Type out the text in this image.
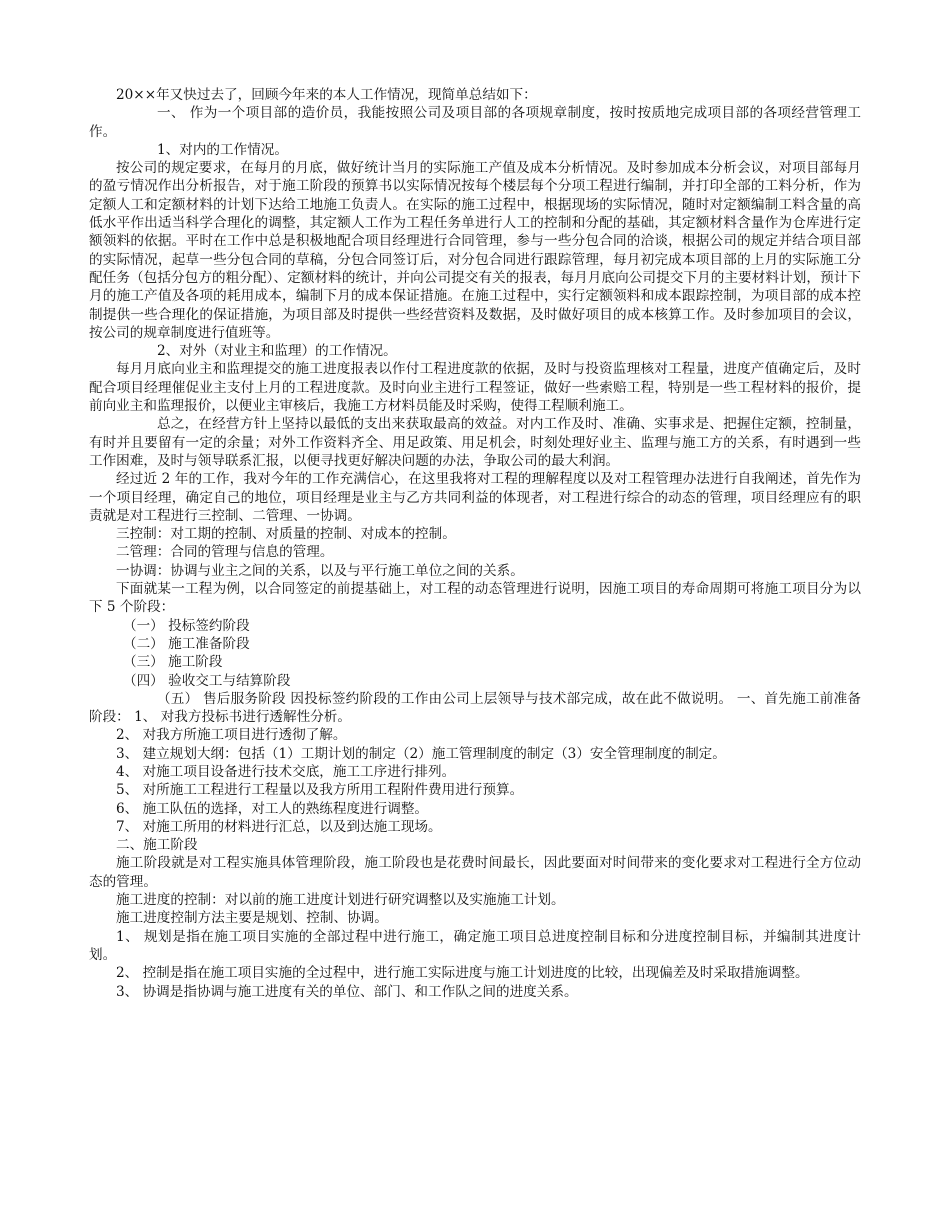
20××年又快过去了，回顾今年来的本人工作情况，现简单总结如下：

一、 作为一个项目部的造价员，我能按照公司及项目部的各项规章制度，按时按质地完成项目部的各项经营管理工作。

1、对内的工作情况。

按公司的规定要求，在每月的月底，做好统计当月的实际施工产值及成本分析情况。及时参加成本分析会议，对项目部每月的盈亏情况作出分析报告，对于施工阶段的预算书以实际情况按每个楼层每个分项工程进行编制，并打印全部的工料分析，作为定额人工和定额材料的计划下达给工地施工负责人。在实际的施工过程中，根据现场的实际情况，随时对定额编制工料含量的高低水平作出适当科学合理化的调整，其定额人工作为工程任务单进行人工的控制和分配的基础，其定额材料含量作为仓库进行定额领料的依据。平时在工作中总是积极地配合项目经理进行合同管理，参与一些分包合同的洽谈，根据公司的规定并结合项目部的实际情况，起草一些分包合同的草稿，分包合同签订后，对分包合同进行跟踪管理，每月初完成本项目部的上月的实际施工分配任务（包括分包方的粗分配）、定额材料的统计，并向公司提交有关的报表，每月月底向公司提交下月的主要材料计划，预计下月的施工产值及各项的耗用成本，编制下月的成本保证措施。在施工过程中，实行定额领料和成本跟踪控制，为项目部的成本控制提供一些合理化的保证措施，为项目部及时提供一些经营资料及数据，及时做好项目的成本核算工作。及时参加项目的会议，按公司的规章制度进行值班等。

2、对外（对业主和监理）的工作情况。

每月月底向业主和监理提交的施工进度报表以作付工程进度款的依据，及时与投资监理核对工程量，进度产值确定后，及时配合项目经理催促业主支付上月的工程进度款。及时向业主进行工程签证，做好一些索赔工程，特别是一些工程材料的报价，提前向业主和监理报价，以便业主审核后，我施工方材料员能及时采购，使得工程顺利施工。

总之，在经营方针上坚持以最低的支出来获取最高的效益。对内工作及时、准确、实事求是、把握住定额，控制量，有时并且要留有一定的余量；对外工作资料齐全、用足政策、用足机会，时刻处理好业主、监理与施工方的关系，有时遇到一些工作困难，及时与领导联系汇报，以便寻找更好解决问题的办法，争取公司的最大利润。

经过近 2 年的工作，我对今年的工作充满信心，在这里我将对工程的理解程度以及对工程管理办法进行自我阐述，首先作为一个项目经理，确定自己的地位，项目经理是业主与乙方共同利益的体现者，对工程进行综合的动态的管理，项目经理应有的职责就是对工程进行三控制、二管理、一协调。

三控制：对工期的控制、对质量的控制、对成本的控制。

二管理：合同的管理与信息的管理。

一协调：协调与业主之间的关系，以及与平行施工单位之间的关系。

下面就某一工程为例，以合同签定的前提基础上，对工程的动态管理进行说明，因施工项目的寿命周期可将施工项目分为以下 5 个阶段：

（一） 投标签约阶段

（二） 施工准备阶段

（三） 施工阶段

（四） 验收交工与结算阶段

（五） 售后服务阶段 因投标签约阶段的工作由公司上层领导与技术部完成，故在此不做说明。 一、首先施工前准备阶段： 1、 对我方投标书进行透解性分析。

2、 对我方所施工项目进行透彻了解。

3、 建立规划大纲：包括（1）工期计划的制定（2）施工管理制度的制定（3）安全管理制度的制定。

4、 对施工项目设备进行技术交底，施工工序进行排列。

5、 对所施工工程进行工程量以及我方所用工程附件费用进行预算。

6、 施工队伍的选择，对工人的熟练程度进行调整。

7、 对施工所用的材料进行汇总，以及到达施工现场。

二、施工阶段

施工阶段就是对工程实施具体管理阶段，施工阶段也是花费时间最长，因此要面对时间带来的变化要求对工程进行全方位动态的管理。

施工进度的控制：对以前的施工进度计划进行研究调整以及实施施工计划。

施工进度控制方法主要是规划、控制、协调。

1、 规划是指在施工项目实施的全部过程中进行施工，确定施工项目总进度控制目标和分进度控制目标，并编制其进度计划。

2、 控制是指在施工项目实施的全过程中，进行施工实际进度与施工计划进度的比较，出现偏差及时采取措施调整。

3、 协调是指协调与施工进度有关的单位、部门、和工作队之间的进度关系。
